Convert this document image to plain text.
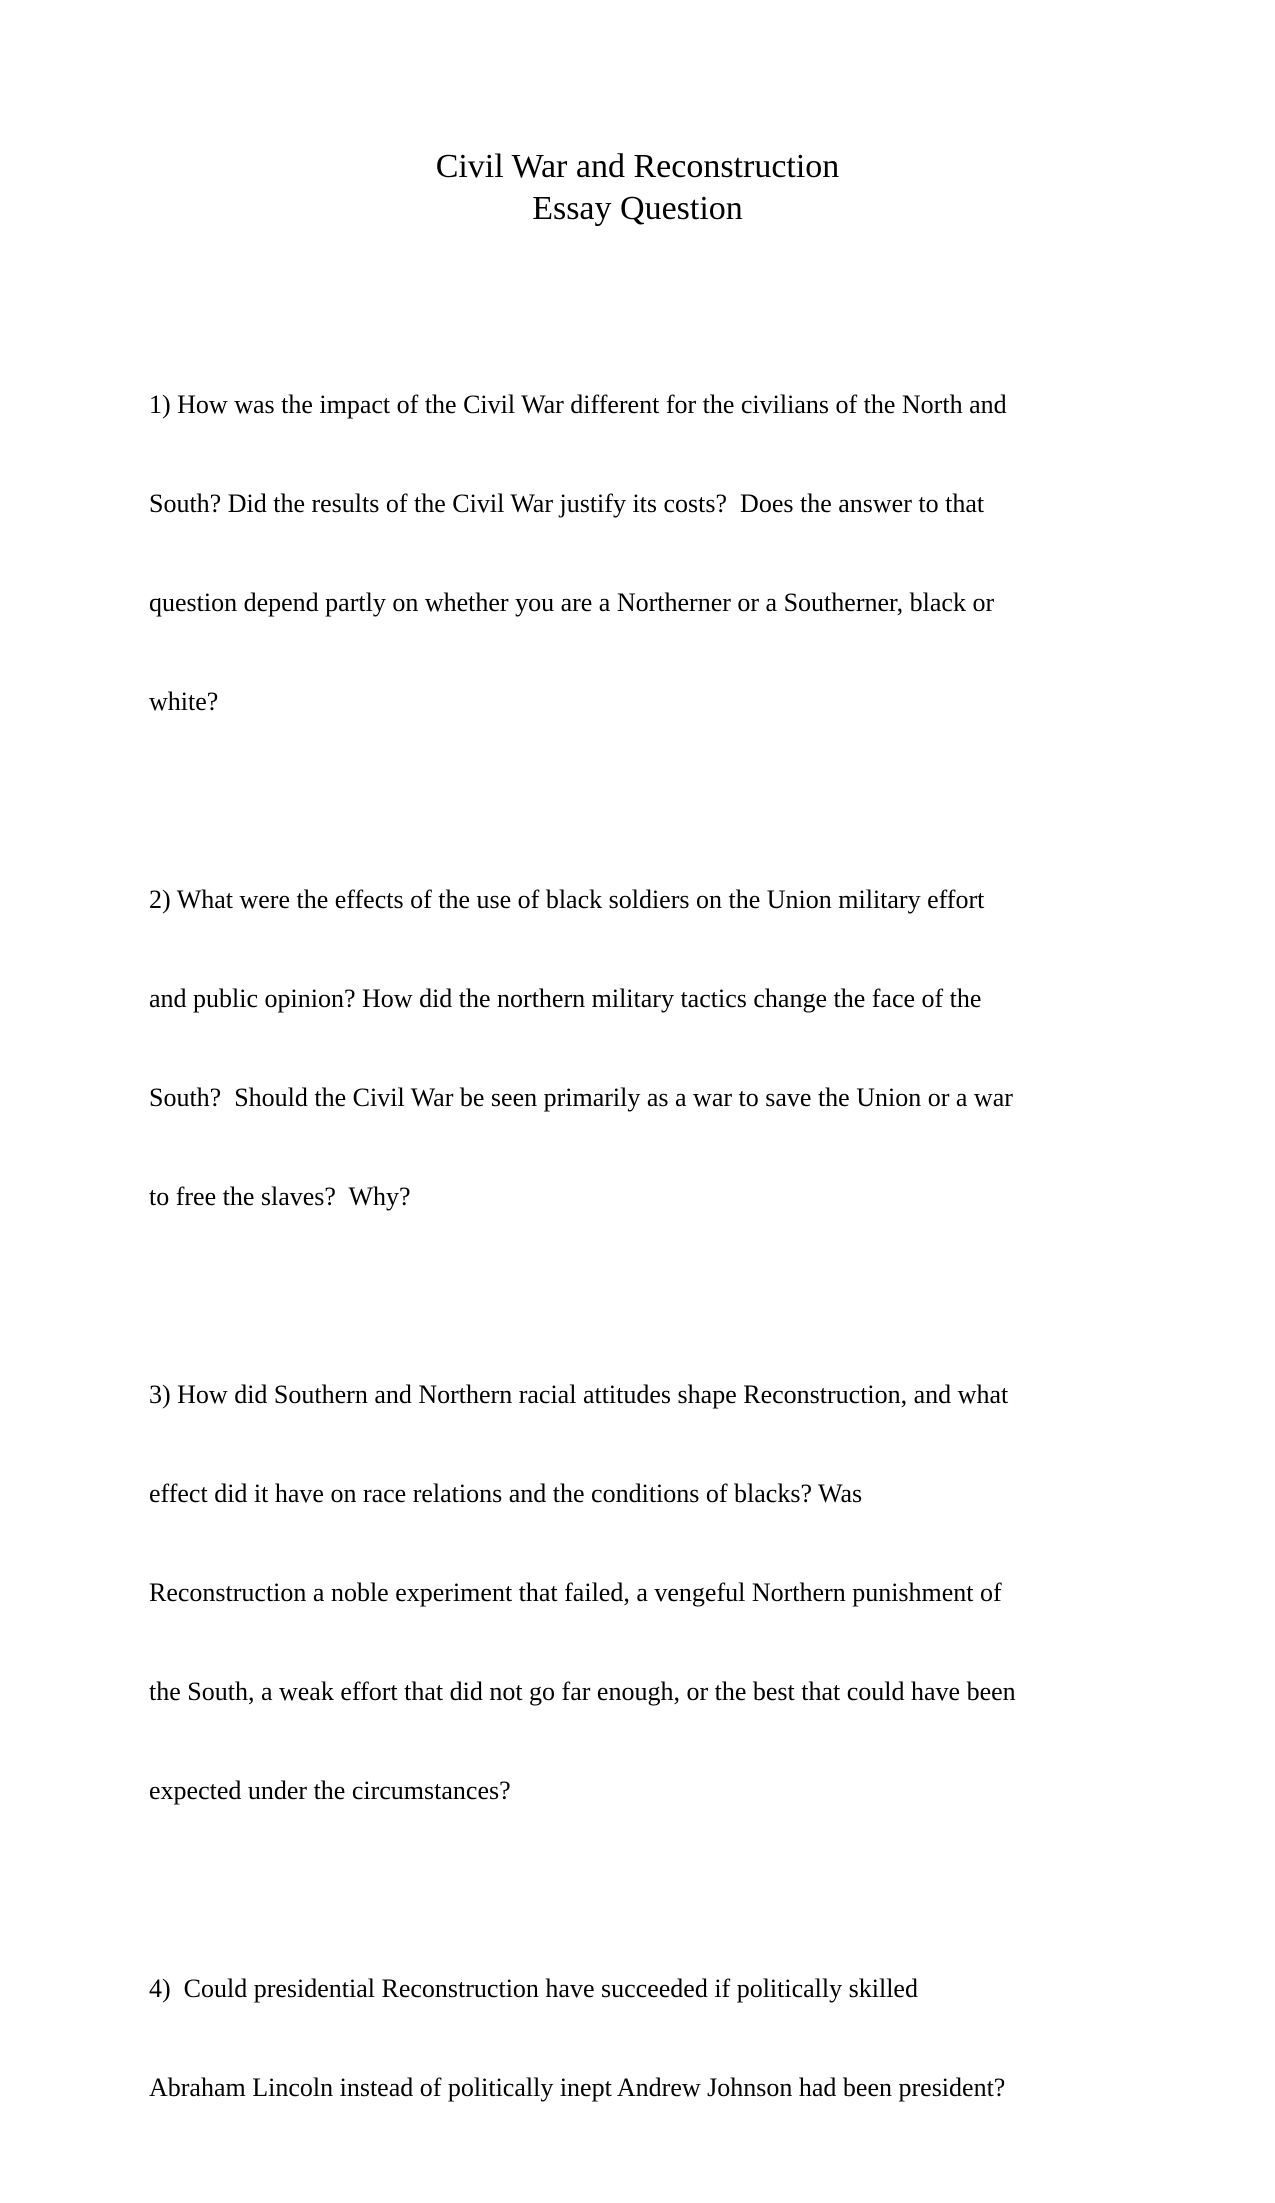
Civil War and Reconstruction
Essay Question

1) How was the impact of the Civil War different for the civilians of the North and

South? Did the results of the Civil War justify its costs?  Does the answer to that

question depend partly on whether you are a Northerner or a Southerner, black or

white?

2) What were the effects of the use of black soldiers on the Union military effort

and public opinion? How did the northern military tactics change the face of the

South?  Should the Civil War be seen primarily as a war to save the Union or a war

to free the slaves?  Why?

3) How did Southern and Northern racial attitudes shape Reconstruction, and what

effect did it have on race relations and the conditions of blacks? Was

Reconstruction a noble experiment that failed, a vengeful Northern punishment of

the South, a weak effort that did not go far enough, or the best that could have been

expected under the circumstances?

4)  Could presidential Reconstruction have succeeded if politically skilled

Abraham Lincoln instead of politically inept Andrew Johnson had been president?
